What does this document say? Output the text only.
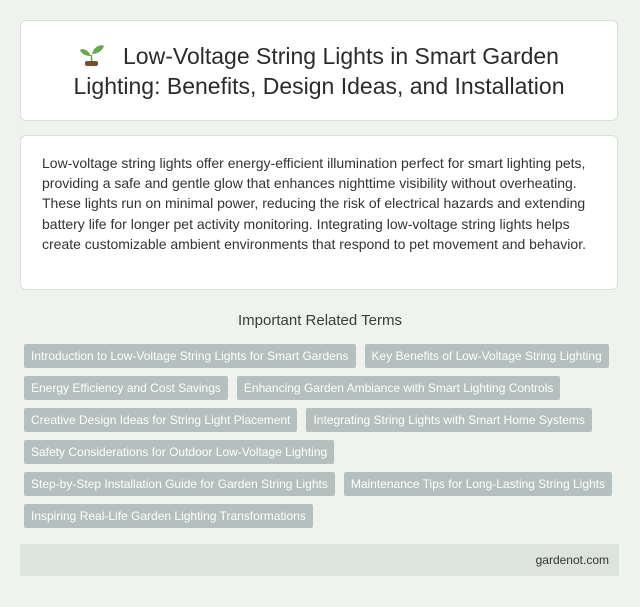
Low-Voltage String Lights in Smart Garden Lighting: Benefits, Design Ideas, and Installation

Low-voltage string lights offer energy-efficient illumination perfect for smart lighting pets, providing a safe and gentle glow that enhances nighttime visibility without overheating. These lights run on minimal power, reducing the risk of electrical hazards and extending battery life for longer pet activity monitoring. Integrating low-voltage string lights helps create customizable ambient environments that respond to pet movement and behavior.

Important Related Terms
Introduction to Low-Voltage String Lights for Smart Gardens	Key Benefits of Low-Voltage String Lighting
Energy Efficiency and Cost Savings	Enhancing Garden Ambiance with Smart Lighting Controls
Creative Design Ideas for String Light Placement	Integrating String Lights with Smart Home Systems
Safety Considerations for Outdoor Low-Voltage Lighting
Step-by-Step Installation Guide for Garden String Lights	Maintenance Tips for Long-Lasting String Lights
Inspiring Real-Life Garden Lighting Transformations
gardenot.com
